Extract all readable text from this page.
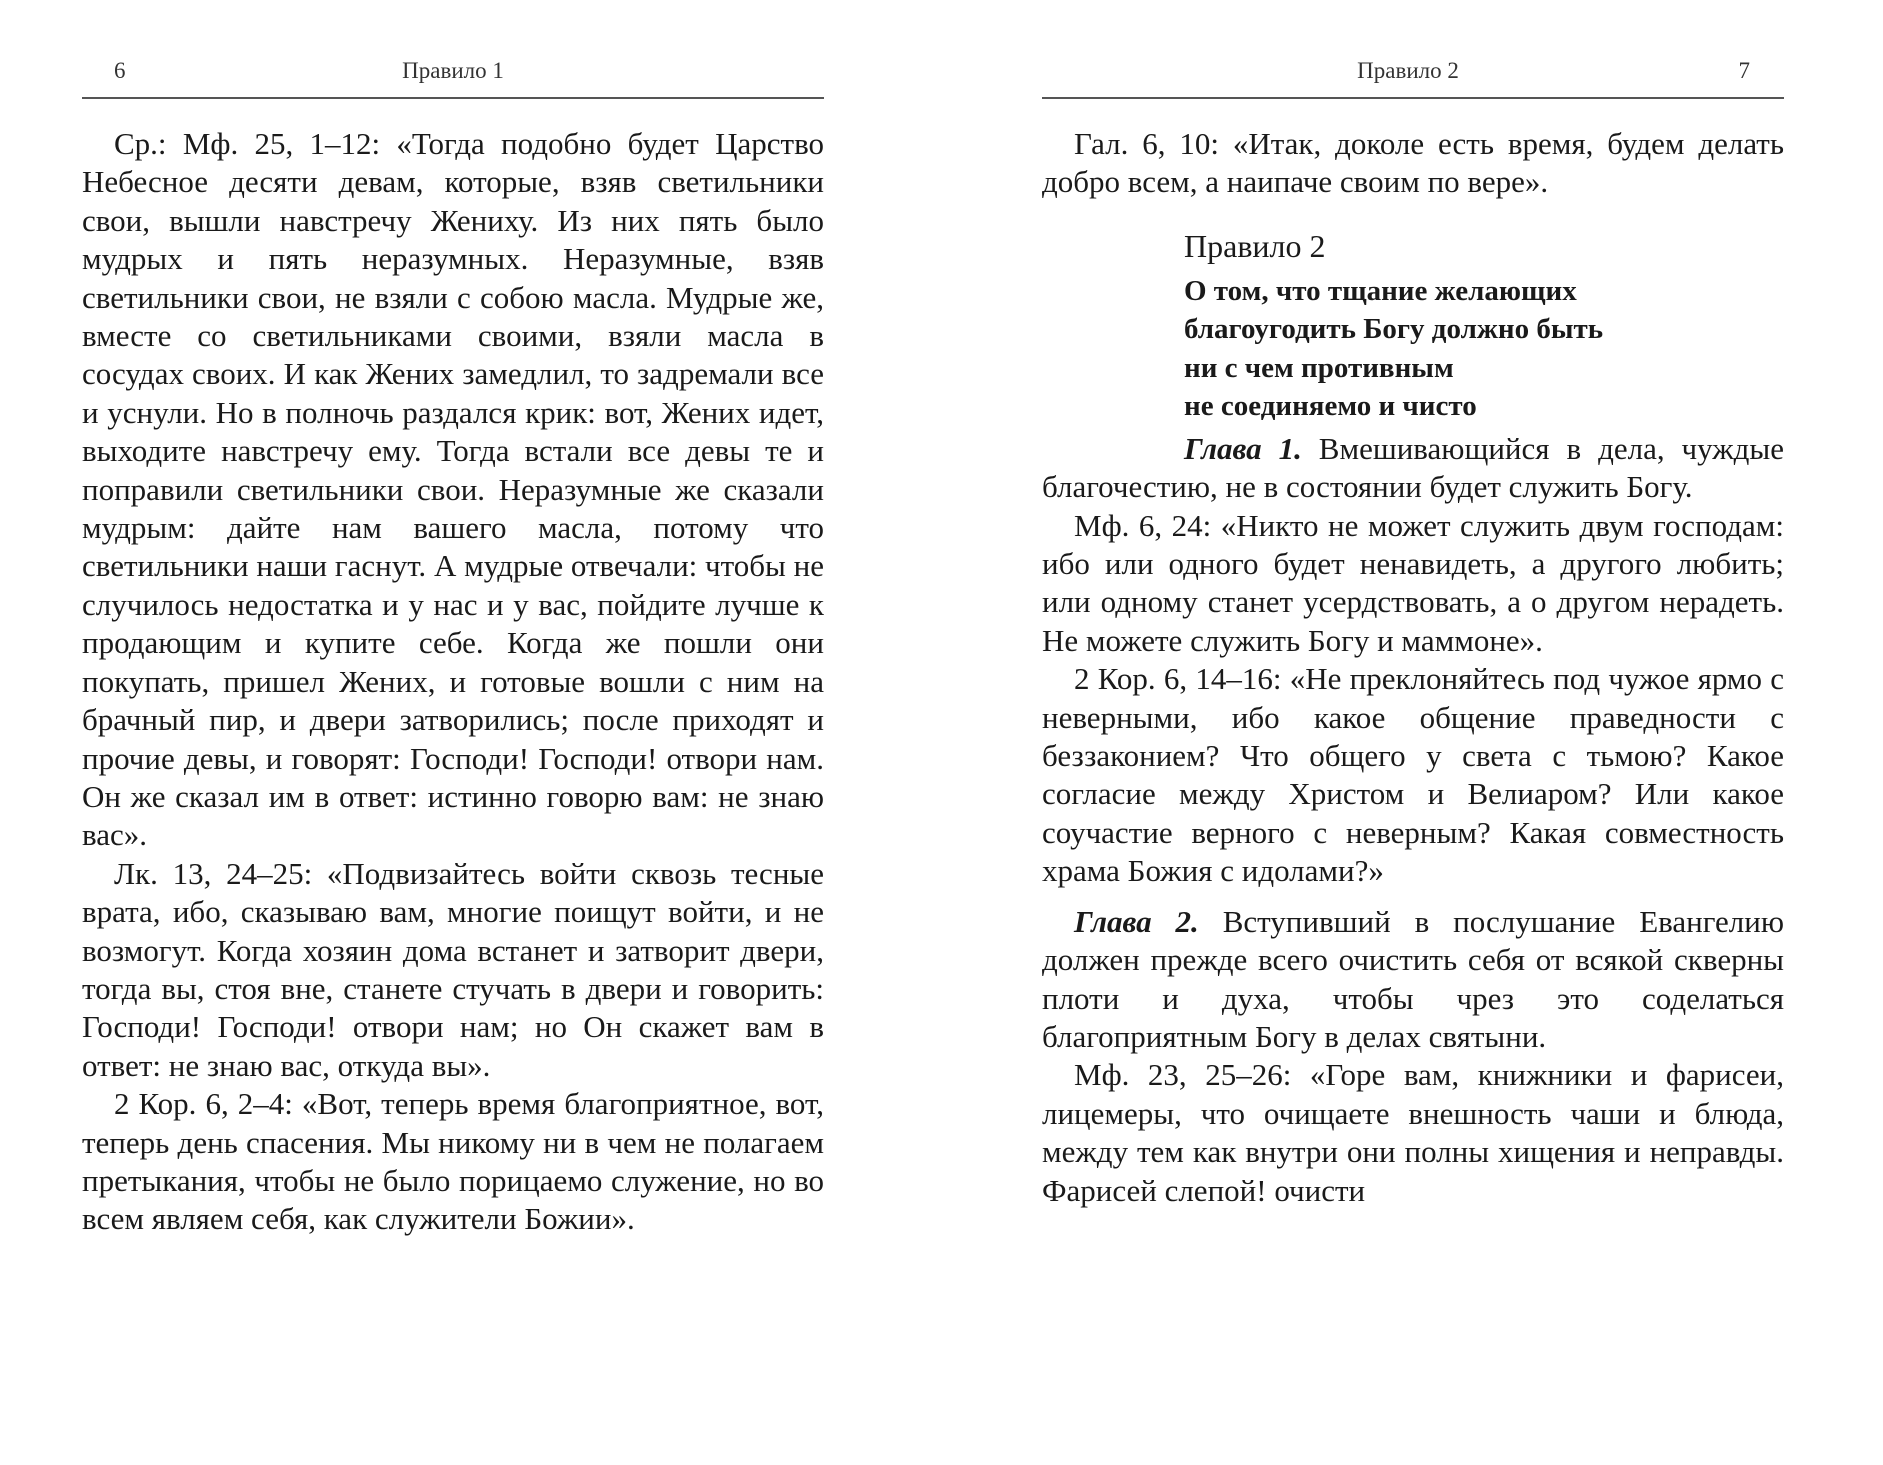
6	Правило 1

Ср.: Мф. 25, 1–12: «Тогда подобно будет Царство Небесное десяти девам, которые, взяв светильники свои, вышли навстречу Жениху. Из них пять было мудрых и пять неразумных. Неразумные, взяв светильники свои, не взяли с собою масла. Мудрые же, вместе со светильниками своими, взяли масла в сосудах своих. И как Жених замедлил, то задремали все и уснули. Но в полночь раздался крик: вот, Жених идет, выходите навстречу ему. Тогда встали все девы те и поправили светильники свои. Неразумные же сказали мудрым: дайте нам вашего масла, потому что светильники наши гаснут. А мудрые отвечали: чтобы не случилось недостатка и у нас и у вас, пойдите лучше к продающим и купите себе. Когда же пошли они покупать, пришел Жених, и готовые вошли с ним на брачный пир, и двери затворились; после приходят и прочие девы, и говорят: Господи! Господи! отвори нам. Он же сказал им в ответ: истинно говорю вам: не знаю вас».

Лк. 13, 24–25: «Подвизайтесь войти сквозь тесные врата, ибо, сказываю вам, многие поищут войти, и не возмогут. Когда хозяин дома встанет и затворит двери, тогда вы, стоя вне, станете стучать в двери и говорить: Господи! Господи! отвори нам; но Он скажет вам в ответ: не знаю вас, откуда вы».

2 Кор. 6, 2–4: «Вот, теперь время благоприятное, вот, теперь день спасения. Мы никому ни в чем не полагаем претыкания, чтобы не было порицаемо служение, но во всем являем себя, как служители Божии».

Правило 2	7

Гал. 6, 10: «Итак, доколе есть время, будем делать добро всем, а наипаче своим по вере».

Правило 2
О том, что тщание желающих
благоугодить Богу должно быть
ни с чем противным
не соединяемо и чисто

Глава 1. Вмешивающийся в дела, чуждые благочестию, не в состоянии будет служить Богу.

Мф. 6, 24: «Никто не может служить двум господам: ибо или одного будет ненавидеть, а другого любить; или одному станет усердствовать, а о другом нерадеть. Не можете служить Богу и маммоне».

2 Кор. 6, 14–16: «Не преклоняйтесь под чужое ярмо с неверными, ибо какое общение праведности с беззаконием? Что общего у света с тьмою? Какое согласие между Христом и Велиаром? Или какое соучастие верного с неверным? Какая совместность храма Божия с идолами?»

Глава 2. Вступивший в послушание Евангелию должен прежде всего очистить себя от всякой скверны плоти и духа, чтобы чрез это соделаться благоприятным Богу в делах святыни.

Мф. 23, 25–26: «Горе вам, книжники и фарисеи, лицемеры, что очищаете внешность чаши и блюда, между тем как внутри они полны хищения и неправды. Фарисей слепой! очисти
